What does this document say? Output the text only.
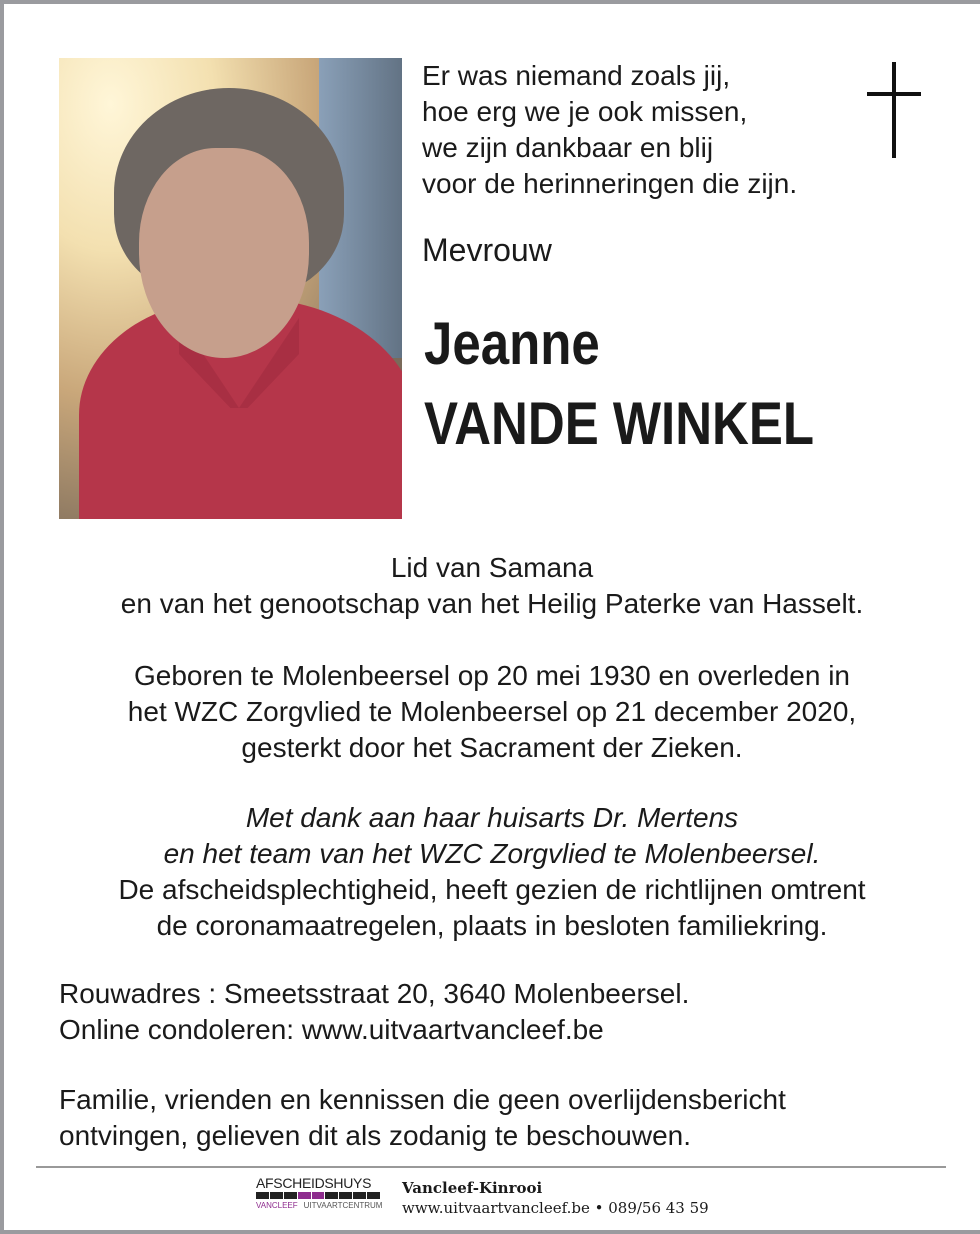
Er was niemand zoals jij,
hoe erg we je ook missen,
we zijn dankbaar en blij
voor de herinneringen die zijn.
Mevrouw
Jeanne
VANDE WINKEL
Lid van Samana
en van het genootschap van het Heilig Paterke van Hasselt.
Geboren te Molenbeersel op 20 mei 1930 en overleden in
het WZC Zorgvlied te Molenbeersel op 21 december 2020,
gesterkt door het Sacrament der Zieken.
Met dank aan haar huisarts Dr. Mertens
en het team van het WZC Zorgvlied te Molenbeersel.
De afscheidsplechtigheid, heeft gezien de richtlijnen omtrent
de coronamaatregelen, plaats in besloten familiekring.
Rouwadres : Smeetsstraat 20, 3640 Molenbeersel.
Online condoleren: www.uitvaartvancleef.be
Familie, vrienden en kennissen die geen overlijdensbericht
ontvingen, gelieven dit als zodanig te beschouwen.
AFSCHEIDSHUYS
VANCLEEF UITVAARTCENTRUM
Vancleef-Kinrooi
www.uitvaartvancleef.be • 089/56 43 59
